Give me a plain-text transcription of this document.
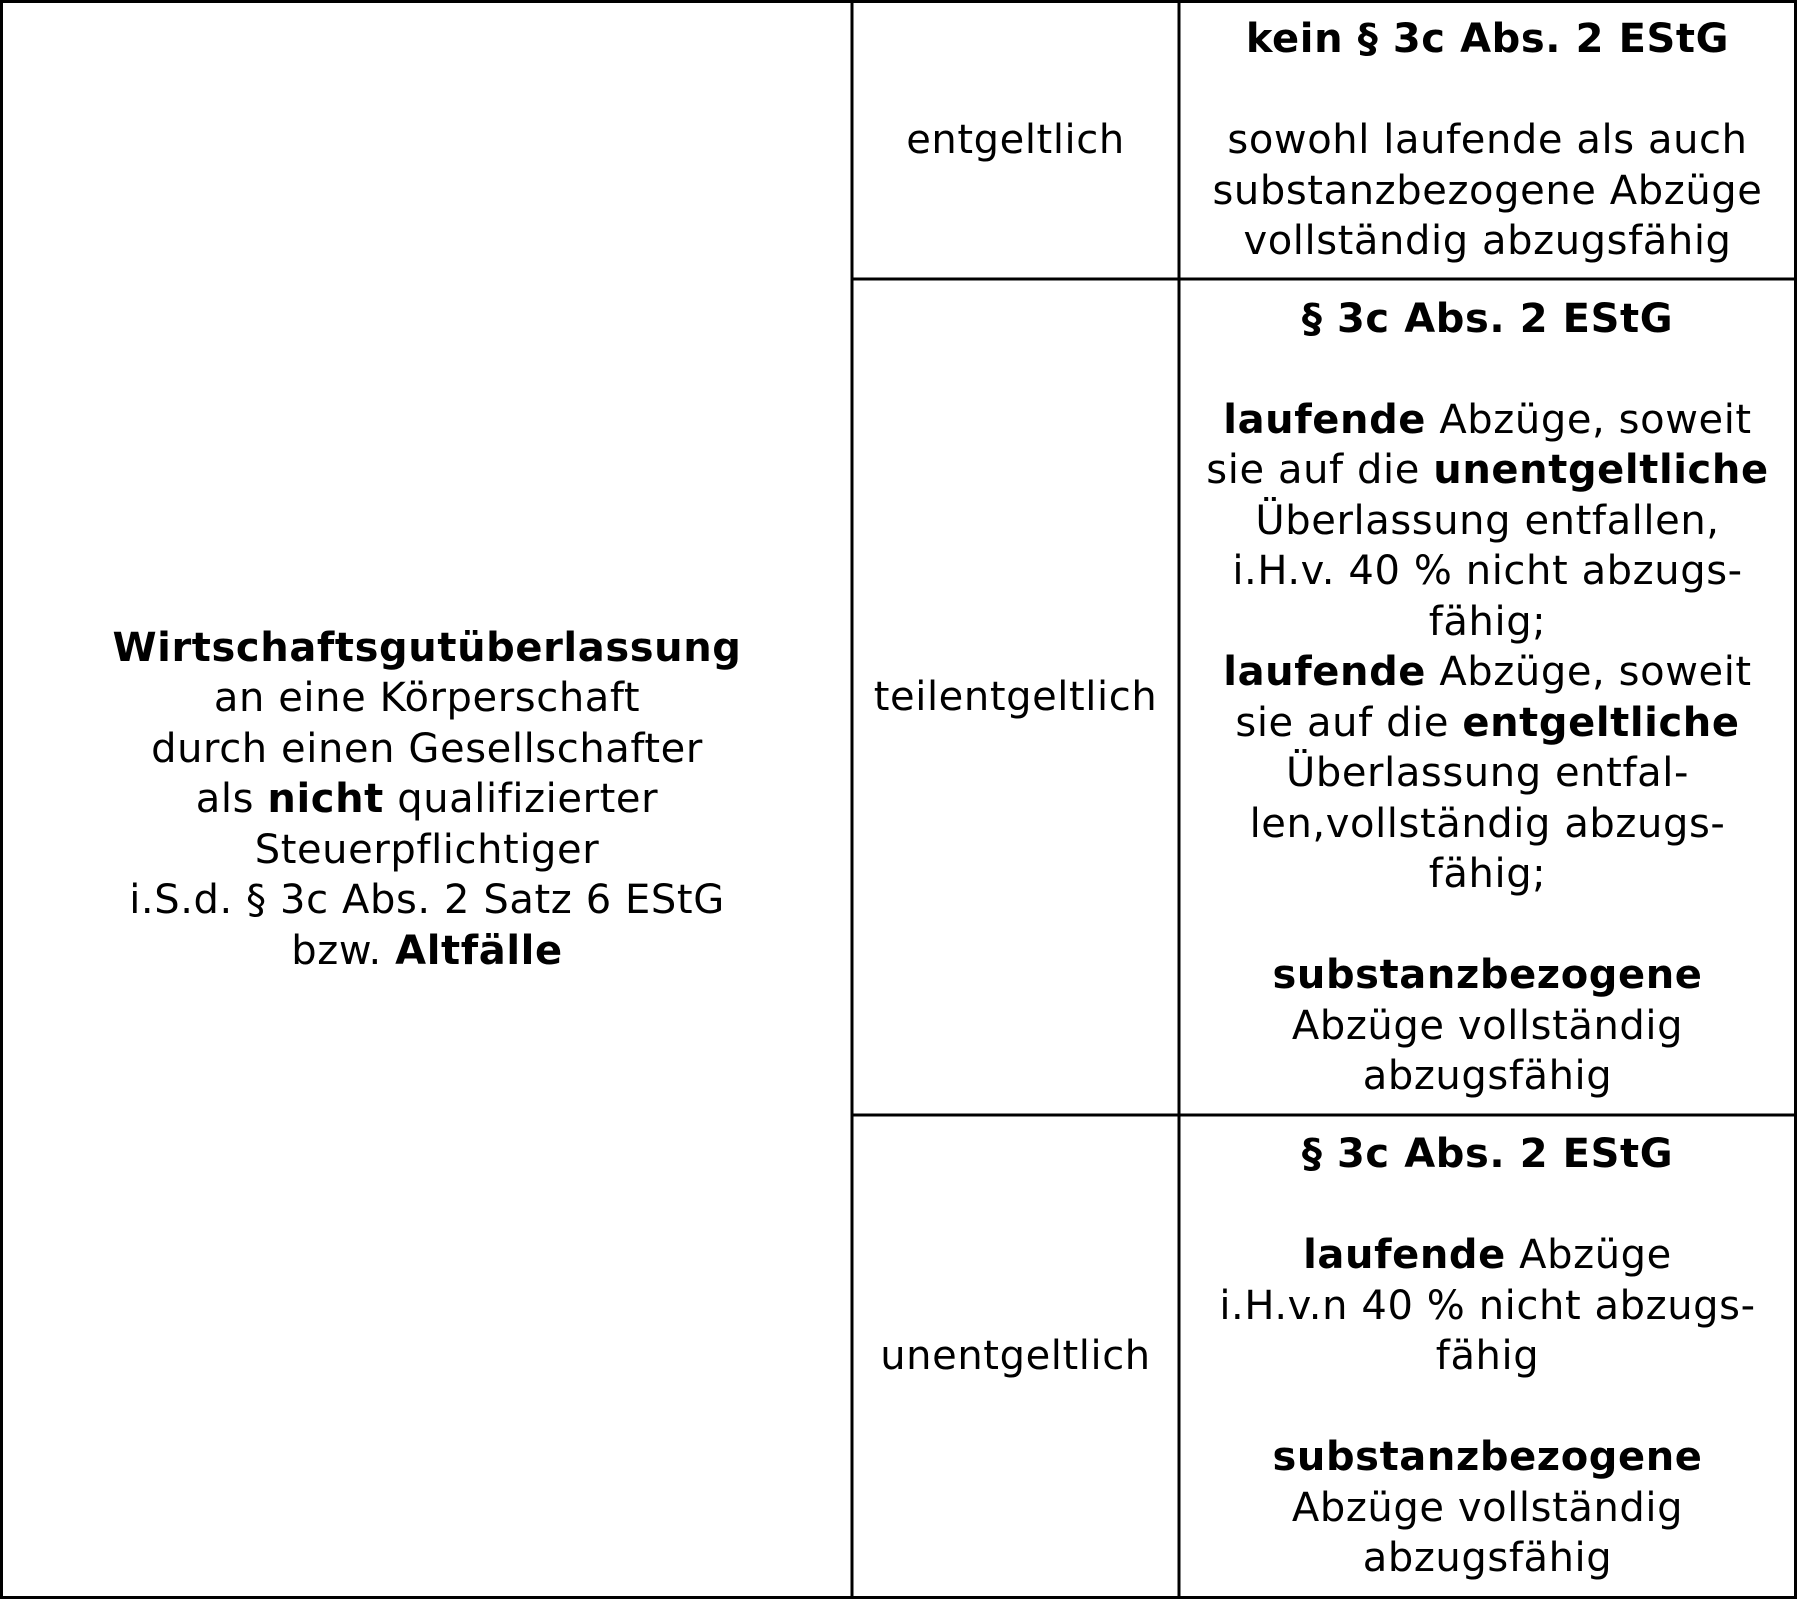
Wirtschaftsgutüberlassung
an eine Körperschaft
durch einen Gesellschafter
als nicht qualifizierter
Steuerpflichtiger
i.S.d. § 3c Abs. 2 Satz 6 EStG
bzw. Altfälle
entgeltlich
kein § 3c Abs. 2 EStG
sowohl laufende als auch
substanzbezogene Abzüge
vollständig abzugsfähig
teilentgeltlich
§ 3c Abs. 2 EStG
laufende Abzüge, soweit
sie auf die unentgeltliche
Überlassung entfallen,
i.H.v. 40 % nicht abzugs-
fähig;
laufende Abzüge, soweit
sie auf die entgeltliche
Überlassung entfal-
len,vollständig abzugs-
fähig;
substanzbezogene
Abzüge vollständig
abzugsfähig
unentgeltlich
§ 3c Abs. 2 EStG
laufende Abzüge
i.H.v.n 40 % nicht abzugs-
fähig
substanzbezogene
Abzüge vollständig
abzugsfähig
